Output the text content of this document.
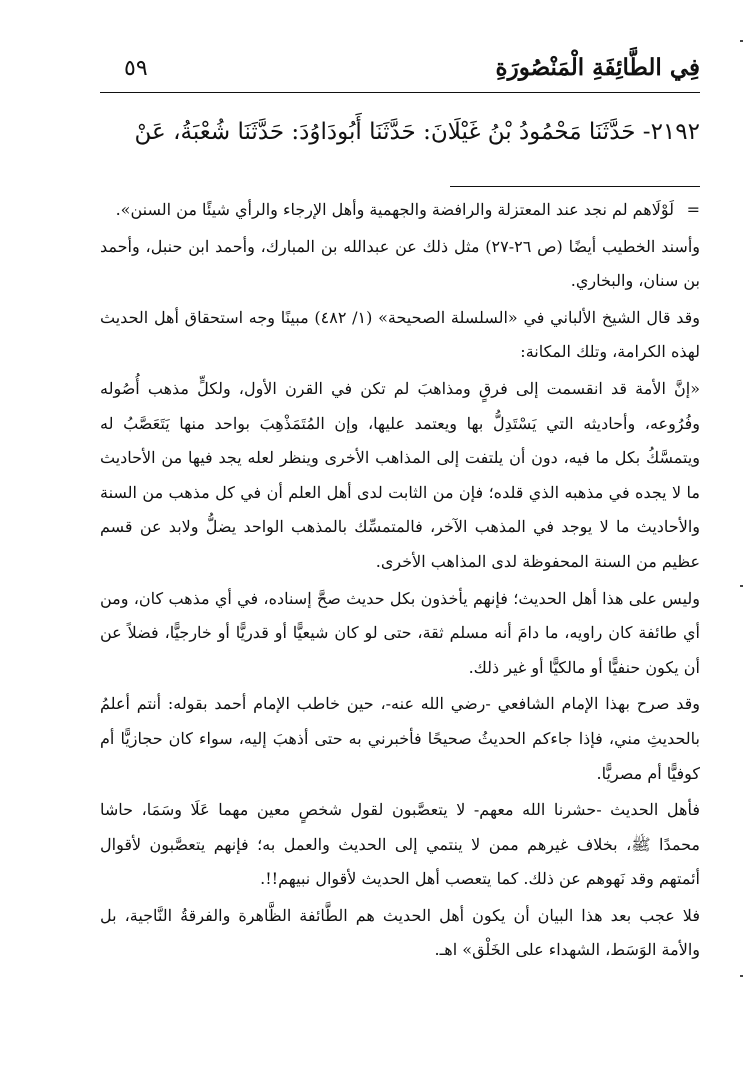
فِي الطَّائِفَةِ الْمَنْصُورَةِ
٥٩
٢١٩٢- حَدَّثَنَا مَحْمُودُ بْنُ غَيْلَانَ: حَدَّثَنَا أَبُودَاوُدَ: حَدَّثَنَا شُعْبَةُ، عَنْ

=
لَوْلَاهم لم نجد عند المعتزلة والرافضة والجهمية وأهل الإرجاء والرأي شيئًا من السنن».

وأسند الخطيب أيضًا (ص ٢٦-٢٧) مثل ذلك عن عبدالله بن المبارك، وأحمد ابن حنبل، وأحمد بن سنان، والبخاري.

وقد قال الشيخ الألباني في «السلسلة الصحيحة» (١/ ٤٨٢) مبينًا وجه استحقاق أهل الحديث لهذه الكرامة، وتلك المكانة:

«إنَّ الأمة قد انقسمت إلى فرقٍ ومذاهبَ لم تكن في القرن الأول، ولكلٍّ مذهب أُصُوله وفُرُوعه، وأحاديثه التي يَسْتَدِلُّ بها ويعتمد عليها، وإن المُتَمَذْهِبَ بواحد منها يَتَعَصَّبُ له ويتمسَّكُ بكل ما فيه، دون أن يلتفت إلى المذاهب الأخرى وينظر لعله يجد فيها من الأحاديث ما لا يجده في مذهبه الذي قلده؛ فإن من الثابت لدى أهل العلم أن في كل مذهب من السنة والأحاديث ما لا يوجد في المذهب الآخر، فالمتمسِّك بالمذهب الواحد يضلُّ ولابد عن قسم عظيم من السنة المحفوظة لدى المذاهب الأخرى.

وليس على هذا أهل الحديث؛ فإنهم يأخذون بكل حديث صحَّ إسناده، في أي مذهب كان، ومن أي طائفة كان راويه، ما دامَ أنه مسلم ثقة، حتى لو كان شيعيًّا أو قدريًّا أو خارجيًّا، فضلاً عن أن يكون حنفيًّا أو مالكيًّا أو غير ذلك.

وقد صرح بهذا الإمام الشافعي -رضي الله عنه-، حين خاطب الإمام أحمد بقوله: أنتم أعلمُ بالحديثِ مني، فإذا جاءكم الحديثُ صحيحًا فأخبرني به حتى أذهبَ إليه، سواء كان حجازيًّا أم كوفيًّا أم مصريًّا.

فأهل الحديث -حشرنا الله معهم- لا يتعصَّبون لقول شخصٍ معين مهما عَلَا وسَمَا، حاشا محمدًا ﷺ، بخلاف غيرهم ممن لا ينتمي إلى الحديث والعمل به؛ فإنهم يتعصَّبون لأقوال أئمتهم وقد نَهوهم عن ذلك. كما يتعصب أهل الحديث لأقوال نبيهم!!.

فلا عجب بعد هذا البيان أن يكون أهل الحديث هم الطَّائفة الظَّاهرة والفرقةُ النَّاجية، بل والأمة الوَسَط، الشهداء على الخَلْق» اهـ.
